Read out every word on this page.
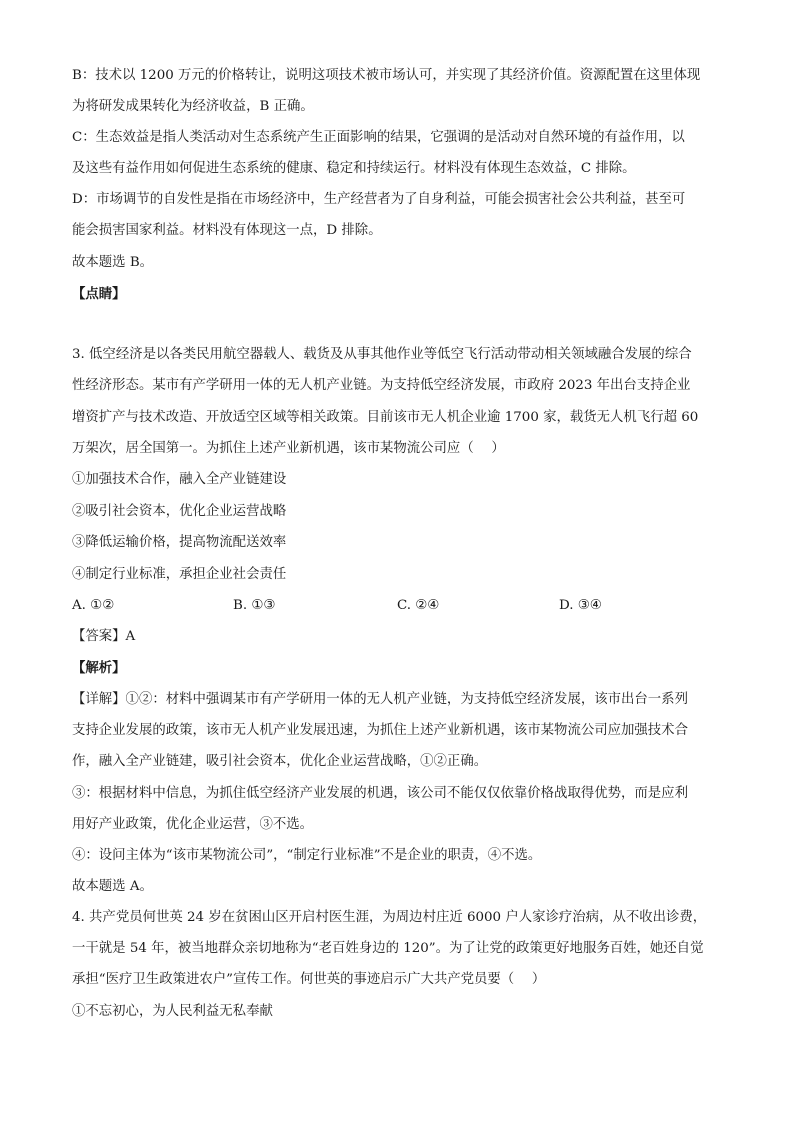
B：技术以 1200 万元的价格转让，说明这项技术被市场认可，并实现了其经济价值。资源配置在这里体现
为将研发成果转化为经济收益，B 正确。
C：生态效益是指人类活动对生态系统产生正面影响的结果，它强调的是活动对自然环境的有益作用，以
及这些有益作用如何促进生态系统的健康、稳定和持续运行。材料没有体现生态效益，C 排除。
D：市场调节的自发性是指在市场经济中，生产经营者为了自身利益，可能会损害社会公共利益，甚至可
能会损害国家利益。材料没有体现这一点，D 排除。
故本题选 B。
【点睛】
3. 低空经济是以各类民用航空器载人、载货及从事其他作业等低空飞行活动带动相关领域融合发展的综合
性经济形态。某市有产学研用一体的无人机产业链。为支持低空经济发展，市政府 2023 年出台支持企业
增资扩产与技术改造、开放适空区域等相关政策。目前该市无人机企业逾 1700 家，载货无人机飞行超 60
万架次，居全国第一。为抓住上述产业新机遇，该市某物流公司应（　 ）
①加强技术合作，融入全产业链建设
②吸引社会资本，优化企业运营战略
③降低运输价格，提高物流配送效率
④制定行业标准，承担企业社会责任
A. ①②	B. ①③	C. ②④	D. ③④
【答案】A
【解析】
【详解】①②：材料中强调某市有产学研用一体的无人机产业链，为支持低空经济发展，该市出台一系列
支持企业发展的政策，该市无人机产业发展迅速，为抓住上述产业新机遇，该市某物流公司应加强技术合
作，融入全产业链建，吸引社会资本，优化企业运营战略，①②正确。
③：根据材料中信息，为抓住低空经济产业发展的机遇，该公司不能仅仅依靠价格战取得优势，而是应利
用好产业政策，优化企业运营，③不选。
④：设问主体为“该市某物流公司”，“制定行业标准”不是企业的职责，④不选。
故本题选 A。
4. 共产党员何世英 24 岁在贫困山区开启村医生涯，为周边村庄近 6000 户人家诊疗治病，从不收出诊费，
一干就是 54 年，被当地群众亲切地称为“老百姓身边的 120”。为了让党的政策更好地服务百姓，她还自觉
承担“医疗卫生政策进农户”宣传工作。何世英的事迹启示广大共产党员要（　 ）
①不忘初心，为人民利益无私奉献
